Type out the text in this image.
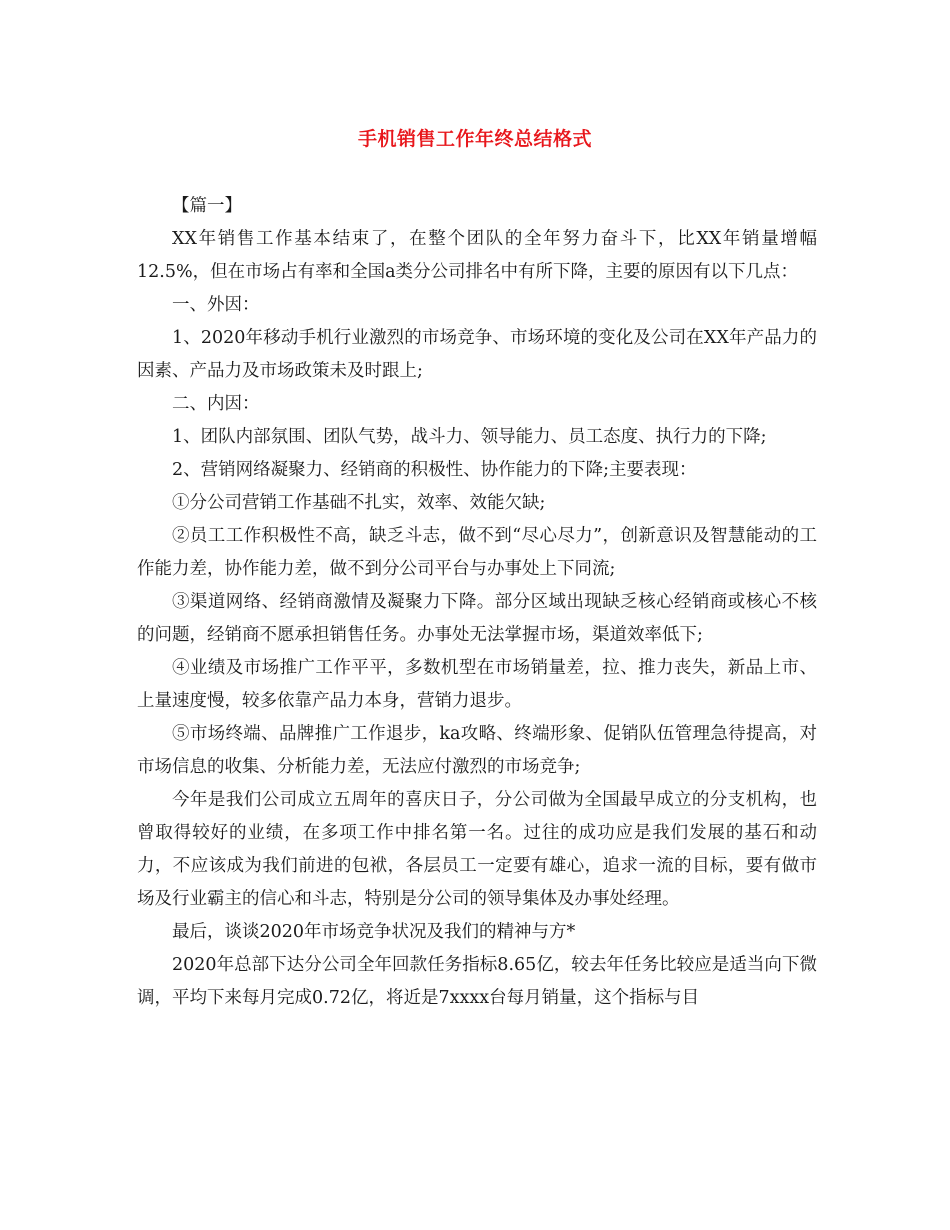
手机销售工作年终总结格式

【篇一】

XX年销售工作基本结束了，在整个团队的全年努力奋斗下，比XX年销量增幅12.5%，但在市场占有率和全国a类分公司排名中有所下降，主要的原因有以下几点：

一、外因：

1、2020年移动手机行业激烈的市场竞争、市场环境的变化及公司在XX年产品力的因素、产品力及市场政策未及时跟上;

二、内因：

1、团队内部氛围、团队气势，战斗力、领导能力、员工态度、执行力的下降;

2、营销网络凝聚力、经销商的积极性、协作能力的下降;主要表现：

①分公司营销工作基础不扎实，效率、效能欠缺;

②员工工作积极性不高，缺乏斗志，做不到“尽心尽力”，创新意识及智慧能动的工作能力差，协作能力差，做不到分公司平台与办事处上下同流;

③渠道网络、经销商激情及凝聚力下降。部分区域出现缺乏核心经销商或核心不核的问题，经销商不愿承担销售任务。办事处无法掌握市场，渠道效率低下;

④业绩及市场推广工作平平，多数机型在市场销量差，拉、推力丧失，新品上市、上量速度慢，较多依靠产品力本身，营销力退步。

⑤市场终端、品牌推广工作退步，ka攻略、终端形象、促销队伍管理急待提高，对市场信息的收集、分析能力差，无法应付激烈的市场竞争;

今年是我们公司成立五周年的喜庆日子，分公司做为全国最早成立的分支机构，也曾取得较好的业绩，在多项工作中排名第一名。过往的成功应是我们发展的基石和动力，不应该成为我们前进的包袱，各层员工一定要有雄心，追求一流的目标，要有做市场及行业霸主的信心和斗志，特别是分公司的领导集体及办事处经理。

最后，谈谈2020年市场竞争状况及我们的精神与方*

2020年总部下达分公司全年回款任务指标8.65亿，较去年任务比较应是适当向下微调，平均下来每月完成0.72亿，将近是7xxxx台每月销量，这个指标与目
